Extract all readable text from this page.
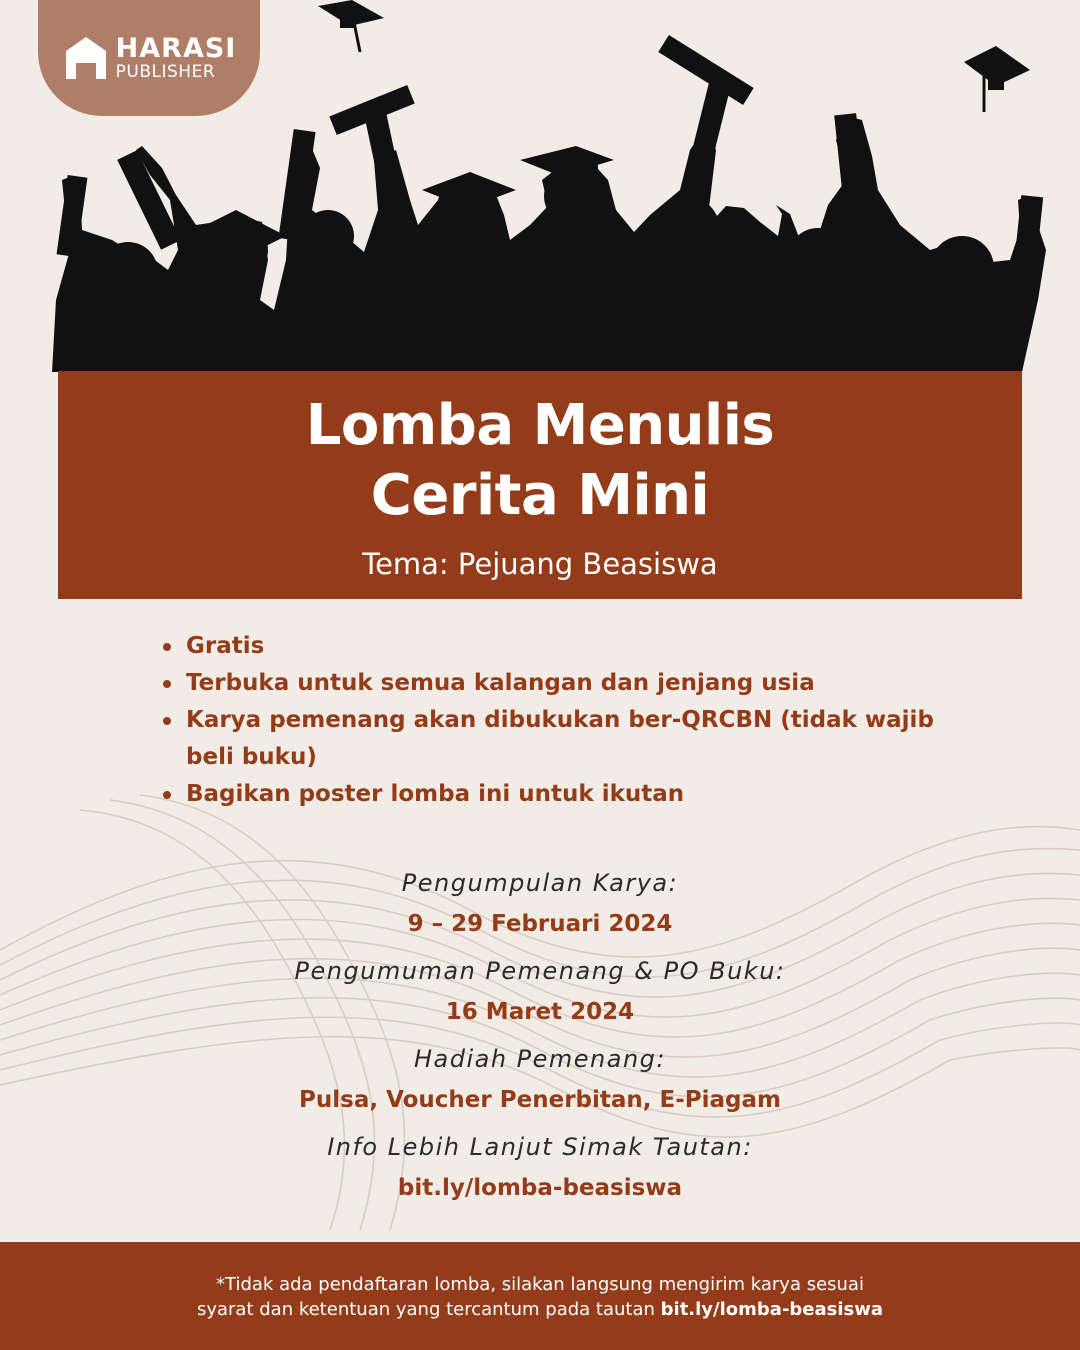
HARASI
PUBLISHER
Lomba Menulis
Cerita Mini
Tema: Pejuang Beasiswa
Gratis
Terbuka untuk semua kalangan dan jenjang usia
Karya pemenang akan dibukukan ber-QRCBN (tidak wajib beli buku)
Bagikan poster lomba ini untuk ikutan
Pengumpulan Karya:
9 – 29 Februari 2024
Pengumuman Pemenang & PO Buku:
16 Maret 2024
Hadiah Pemenang:
Pulsa, Voucher Penerbitan, E-Piagam
Info Lebih Lanjut Simak Tautan:
bit.ly/lomba-beasiswa
*Tidak ada pendaftaran lomba, silakan langsung mengirim karya sesuai
syarat dan ketentuan yang tercantum pada tautan bit.ly/lomba-beasiswa
